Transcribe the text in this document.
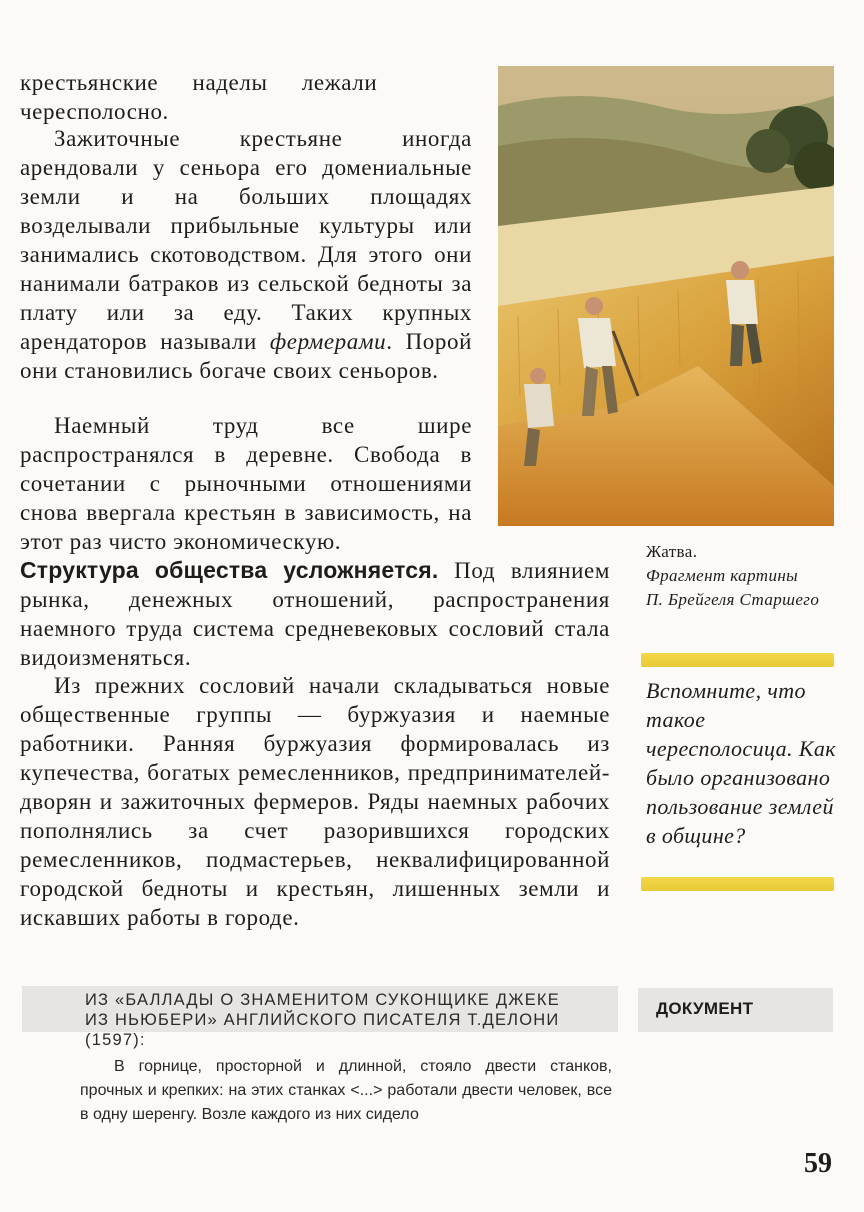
крестьянские наделы лежали чересполосно.

Зажиточные крестьяне иногда арендовали у сеньора его домениальные земли и на больших площадях возделывали прибыльные культуры или занимались скотоводством. Для этого они нанимали батраков из сельской бедноты за плату или за еду. Таких крупных арендаторов называли фермерами. Порой они становились богаче своих сеньоров.

Наемный труд все шире распространялся в деревне. Свобода в сочетании с рыночными отношениями снова ввергала крестьян в зависимость, на этот раз чисто экономическую.

Структура общества усложняется. Под влиянием рынка, денежных отношений, распространения наемного труда система средневековых сословий стала видоизменяться.

Из прежних сословий начали складываться новые общественные группы — буржуазия и наемные работники. Ранняя буржуазия формировалась из купечества, богатых ремесленников, предпринимателей-дворян и зажиточных фермеров. Ряды наемных рабочих пополнялись за счет разорившихся городских ремесленников, подмастерьев, неквалифицированной городской бедноты и крестьян, лишенных земли и искавших работы в городе.

Жатва.
Фрагмент картины
П. Брейгеля Старшего
Вспомните, что такое чересполосица. Как было организовано пользование землей в общине?
ИЗ «БАЛЛАДЫ О ЗНАМЕНИТОМ СУКОНЩИКЕ ДЖЕКЕ
ИЗ НЬЮБЕРИ» АНГЛИЙСКОГО ПИСАТЕЛЯ Т.ДЕЛОНИ (1597):
ДОКУМЕНТ
В горнице, просторной и длинной, стояло двести станков, прочных и крепких: на этих станках <...> работали двести человек, все в одну шеренгу. Возле каждого из них сидело
59
